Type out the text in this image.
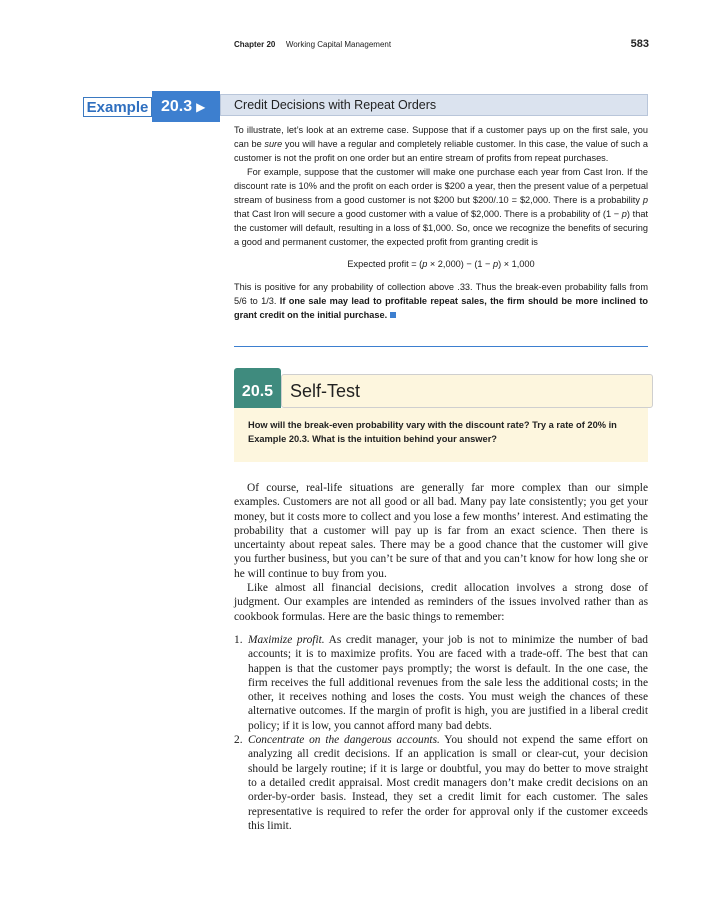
Chapter 20 Working Capital Management	583
Example 20.3 ▶	Credit Decisions with Repeat Orders

To illustrate, let’s look at an extreme case. Suppose that if a customer pays up on the first sale, you can be sure you will have a regular and completely reliable customer. In this case, the value of such a customer is not the profit on one order but an entire stream of profits from repeat purchases.

For example, suppose that the customer will make one purchase each year from Cast Iron. If the discount rate is 10% and the profit on each order is $200 a year, then the present value of a perpetual stream of business from a good customer is not $200 but $200/.10 = $2,000. There is a probability p that Cast Iron will secure a good customer with a value of $2,000. There is a probability of (1 − p) that the customer will default, resulting in a loss of $1,000. So, once we recognize the benefits of securing a good and permanent customer, the expected profit from granting credit is

Expected profit = (p × 2,000) − (1 − p) × 1,000

This is positive for any probability of collection above .33. Thus the break-even probability falls from 5/6 to 1/3. If one sale may lead to profitable repeat sales, the firm should be more inclined to grant credit on the initial purchase.

20.5 Self-Test
How will the break-even probability vary with the discount rate? Try a rate of 20% in Example 20.3. What is the intuition behind your answer?

Of course, real-life situations are generally far more complex than our simple examples. Customers are not all good or all bad. Many pay late consistently; you get your money, but it costs more to collect and you lose a few months’ interest. And estimating the probability that a customer will pay up is far from an exact science. Then there is uncertainty about repeat sales. There may be a good chance that the customer will give you further business, but you can’t be sure of that and you can’t know for how long she or he will continue to buy from you.

Like almost all financial decisions, credit allocation involves a strong dose of judgment. Our examples are intended as reminders of the issues involved rather than as cookbook formulas. Here are the basic things to remember:

1. Maximize profit. As credit manager, your job is not to minimize the number of bad accounts; it is to maximize profits. You are faced with a trade-off. The best that can happen is that the customer pays promptly; the worst is default. In the one case, the firm receives the full additional revenues from the sale less the additional costs; in the other, it receives nothing and loses the costs. You must weigh the chances of these alternative outcomes. If the margin of profit is high, you are justified in a liberal credit policy; if it is low, you cannot afford many bad debts.
2. Concentrate on the dangerous accounts. You should not expend the same effort on analyzing all credit decisions. If an application is small or clear-cut, your decision should be largely routine; if it is large or doubtful, you may do better to move straight to a detailed credit appraisal. Most credit managers don’t make credit decisions on an order-by-order basis. Instead, they set a credit limit for each customer. The sales representative is required to refer the order for approval only if the customer exceeds this limit.
